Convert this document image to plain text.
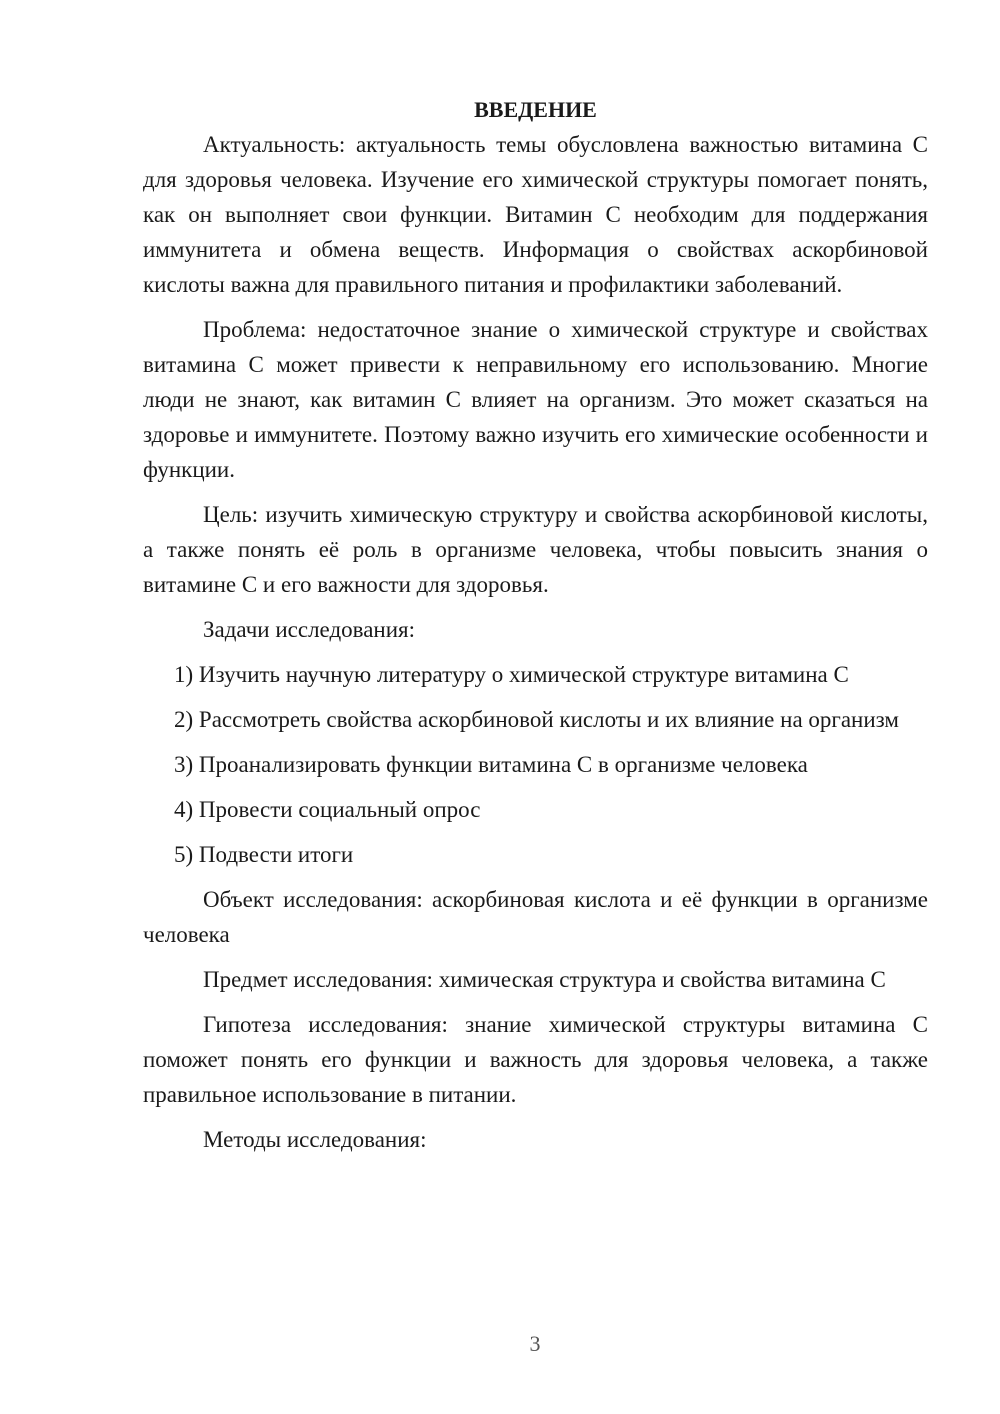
ВВЕДЕНИЕ

Актуальность: актуальность темы обусловлена важностью витамина С для здоровья человека. Изучение его химической структуры помогает понять, как он выполняет свои функции. Витамин С необходим для поддержания иммунитета и обмена веществ. Информация о свойствах аскорбиновой кислоты важна для правильного питания и профилактики заболеваний.

Проблема: недостаточное знание о химической структуре и свойствах витамина С может привести к неправильному его использованию. Многие люди не знают, как витамин С влияет на организм. Это может сказаться на здоровье и иммунитете. Поэтому важно изучить его химические особенности и функции.

Цель: изучить химическую структуру и свойства аскорбиновой кислоты, а также понять её роль в организме человека, чтобы повысить знания о витамине С и его важности для здоровья.

Задачи исследования:

1) Изучить научную литературу о химической структуре витамина С

2) Рассмотреть свойства аскорбиновой кислоты и их влияние на организм

3) Проанализировать функции витамина С в организме человека

4) Провести социальный опрос

5) Подвести итоги

Объект исследования: аскорбиновая кислота и её функции в организме человека

Предмет исследования: химическая структура и свойства витамина С

Гипотеза исследования: знание химической структуры витамина С поможет понять его функции и важность для здоровья человека, а также правильное использование в питании.

Методы исследования:

3
